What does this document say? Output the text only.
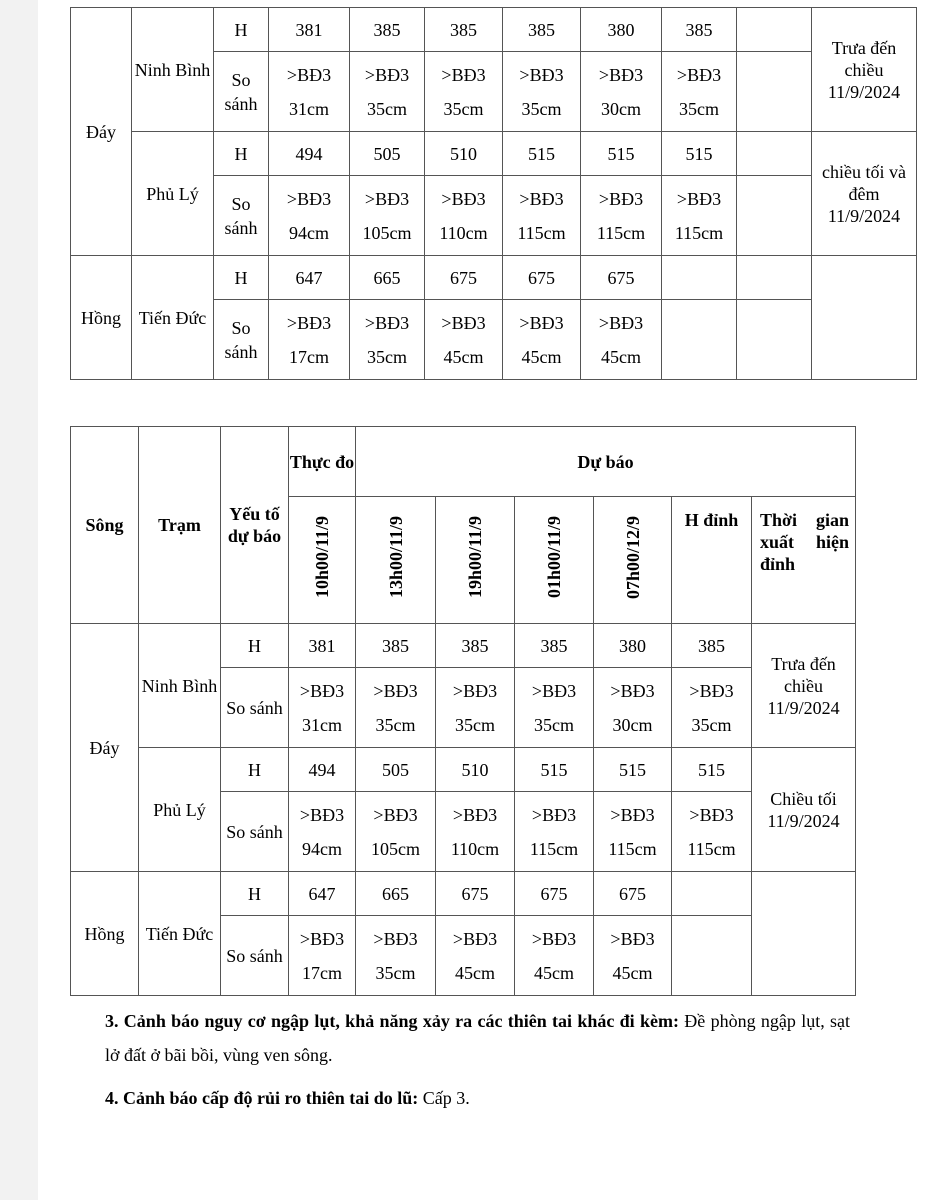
Đáy	Ninh Bình	H	381	385	385	385	380	385		Trưa đến chiều 11/9/2024
		So sánh	>BĐ3 31cm	>BĐ3 35cm	>BĐ3 35cm	>BĐ3 35cm	>BĐ3 30cm	>BĐ3 35cm		
	Phủ Lý	H	494	505	510	515	515	515		chiều tối và đêm 11/9/2024
		So sánh	>BĐ3 94cm	>BĐ3 105cm	>BĐ3 110cm	>BĐ3 115cm	>BĐ3 115cm	>BĐ3 115cm		
Hồng	Tiến Đức	H	647	665	675	675	675			
		So sánh	>BĐ3 17cm	>BĐ3 35cm	>BĐ3 45cm	>BĐ3 45cm	>BĐ3 45cm			
Sông	Trạm	Yếu tố dự báo	Thực đo	Dự báo					
			10h00/11/9	13h00/11/9	19h00/11/9	01h00/11/9	07h00/12/9	H đỉnh	Thời gian xuất hiện đỉnh
Đáy	Ninh Bình	H	381	385	385	385	380	385	Trưa đến chiều 11/9/2024
		So sánh	>BĐ3 31cm	>BĐ3 35cm	>BĐ3 35cm	>BĐ3 35cm	>BĐ3 30cm	>BĐ3 35cm	
	Phủ Lý	H	494	505	510	515	515	515	Chiều tối 11/9/2024
		So sánh	>BĐ3 94cm	>BĐ3 105cm	>BĐ3 110cm	>BĐ3 115cm	>BĐ3 115cm	>BĐ3 115cm	
Hồng	Tiến Đức	H	647	665	675	675	675		
		So sánh	>BĐ3 17cm	>BĐ3 35cm	>BĐ3 45cm	>BĐ3 45cm	>BĐ3 45cm		
3. Cảnh báo nguy cơ ngập lụt, khả năng xảy ra các thiên tai khác đi kèm: Đề phòng ngập lụt, sạt lở đất ở bãi bồi, vùng ven sông.
4. Cảnh báo cấp độ rủi ro thiên tai do lũ: Cấp 3.
